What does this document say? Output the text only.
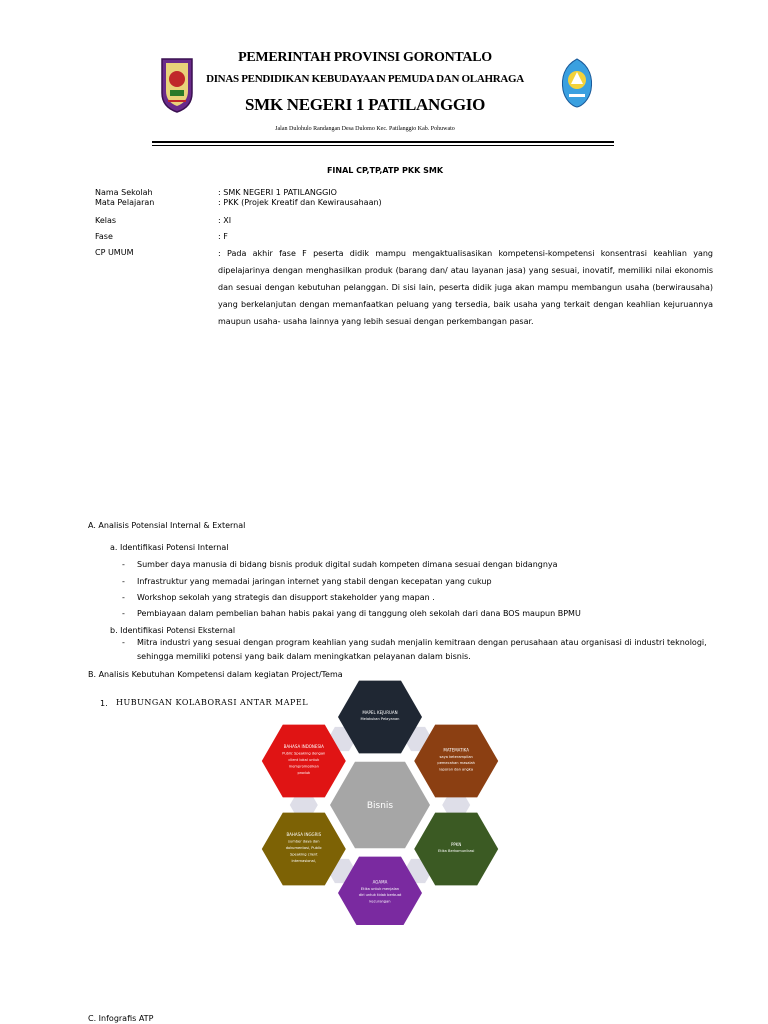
PEMERINTAH PROVINSI GORONTALO
DINAS PENDIDIKAN KEBUDAYAAN PEMUDA DAN OLAHRAGA
SMK NEGERI 1 PATILANGGIO
Jalan Dulohulo Randangan Desa Dulomo Kec. Patilanggio Kab. Pohuwato
FINAL CP,TP,ATP PKK SMK
Nama Sekolah	: SMK NEGERI 1 PATILANGGIO
Mata Pelajaran	: PKK (Projek Kreatif dan Kewirausahaan)
Kelas	: XI
Fase	: F
CP UMUM	: Pada akhir fase F peserta didik mampu mengaktualisasikan kompetensi-kompetensi konsentrasi keahlian yang dipelajarinya dengan menghasilkan produk (barang dan/ atau layanan jasa) yang sesuai, inovatif, memiliki nilai ekonomis dan sesuai dengan kebutuhan pelanggan. Di sisi lain, peserta didik juga akan mampu membangun usaha (berwirausaha) yang berkelanjutan dengan memanfaatkan peluang yang tersedia, baik usaha yang terkait dengan keahlian kejuruannya maupun usaha- usaha lainnya yang lebih sesuai dengan perkembangan pasar.
A. Analisis Potensial Internal & External
a. Identifikasi Potensi Internal
- Sumber daya manusia di bidang bisnis produk digital sudah kompeten dimana sesuai dengan bidangnya
- Infrastruktur yang memadai jaringan internet yang stabil dengan kecepatan yang cukup
- Workshop sekolah yang strategis dan disupport stakeholder yang mapan .
- Pembiayaan dalam pembelian bahan habis pakai yang di tanggung oleh sekolah dari dana BOS maupun BPMU
b. Identifikasi Potensi Eksternal
- Mitra industri yang sesuai dengan program keahlian yang sudah menjalin kemitraan dengan perusahaan atau organisasi di industri teknologi, sehingga memiliki potensi yang baik dalam meningkatkan pelayanan dalam bisnis.
B. Analisis Kebutuhan Kompetensi dalam kegiatan Project/Tema
1. HUBUNGAN KOLABORASI ANTAR MAPEL
Bisnis
MAPEL KEJURUAN
Melakukan Pelayanan
MATEMATIKA
saya keterampilan
pemecahan masalah
laporan dan angka
PPKN
Etika Berkomunikasi
AGAMA
Etika untuk menjalan
diri untuk tidak berbuat
kecurangan
BAHASA INGGRIS
sumber daya dan
dokumentasi, Public
Speaking client
internasional,
BAHASA INDONESIA
Public Speaking dengan
client lokal untuk
mempromosikan
produk
C. Infografis ATP
